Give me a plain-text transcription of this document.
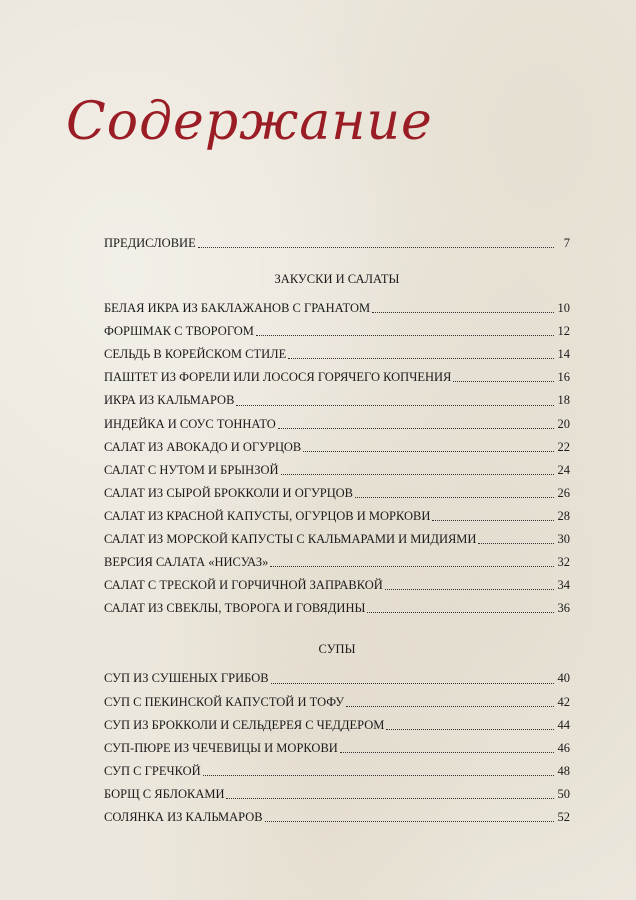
Содержание
ПРЕДИСЛОВИЕ	7
ЗАКУСКИ И САЛАТЫ
БЕЛАЯ ИКРА ИЗ БАКЛАЖАНОВ С ГРАНАТОМ	10
ФОРШМАК С ТВОРОГОМ	12
СЕЛЬДЬ В КОРЕЙСКОМ СТИЛЕ	14
ПАШТЕТ ИЗ ФОРЕЛИ ИЛИ ЛОСОСЯ ГОРЯЧЕГО КОПЧЕНИЯ	16
ИКРА ИЗ КАЛЬМАРОВ	18
ИНДЕЙКА И СОУС ТОННАТО	20
САЛАТ ИЗ АВОКАДО И ОГУРЦОВ	22
САЛАТ С НУТОМ И БРЫНЗОЙ	24
САЛАТ ИЗ СЫРОЙ БРОККОЛИ И ОГУРЦОВ	26
САЛАТ ИЗ КРАСНОЙ КАПУСТЫ, ОГУРЦОВ И МОРКОВИ	28
САЛАТ ИЗ МОРСКОЙ КАПУСТЫ С КАЛЬМАРАМИ И МИДИЯМИ	30
ВЕРСИЯ САЛАТА «НИСУАЗ»	32
САЛАТ С ТРЕСКОЙ И ГОРЧИЧНОЙ ЗАПРАВКОЙ	34
САЛАТ ИЗ СВЕКЛЫ, ТВОРОГА И ГОВЯДИНЫ	36
СУПЫ
СУП ИЗ СУШЕНЫХ ГРИБОВ	40
СУП С ПЕКИНСКОЙ КАПУСТОЙ И ТОФУ	42
СУП ИЗ БРОККОЛИ И СЕЛЬДЕРЕЯ С ЧЕДДЕРОМ	44
СУП-ПЮРЕ ИЗ ЧЕЧЕВИЦЫ И МОРКОВИ	46
СУП С ГРЕЧКОЙ	48
БОРЩ С ЯБЛОКАМИ	50
СОЛЯНКА ИЗ КАЛЬМАРОВ	52
